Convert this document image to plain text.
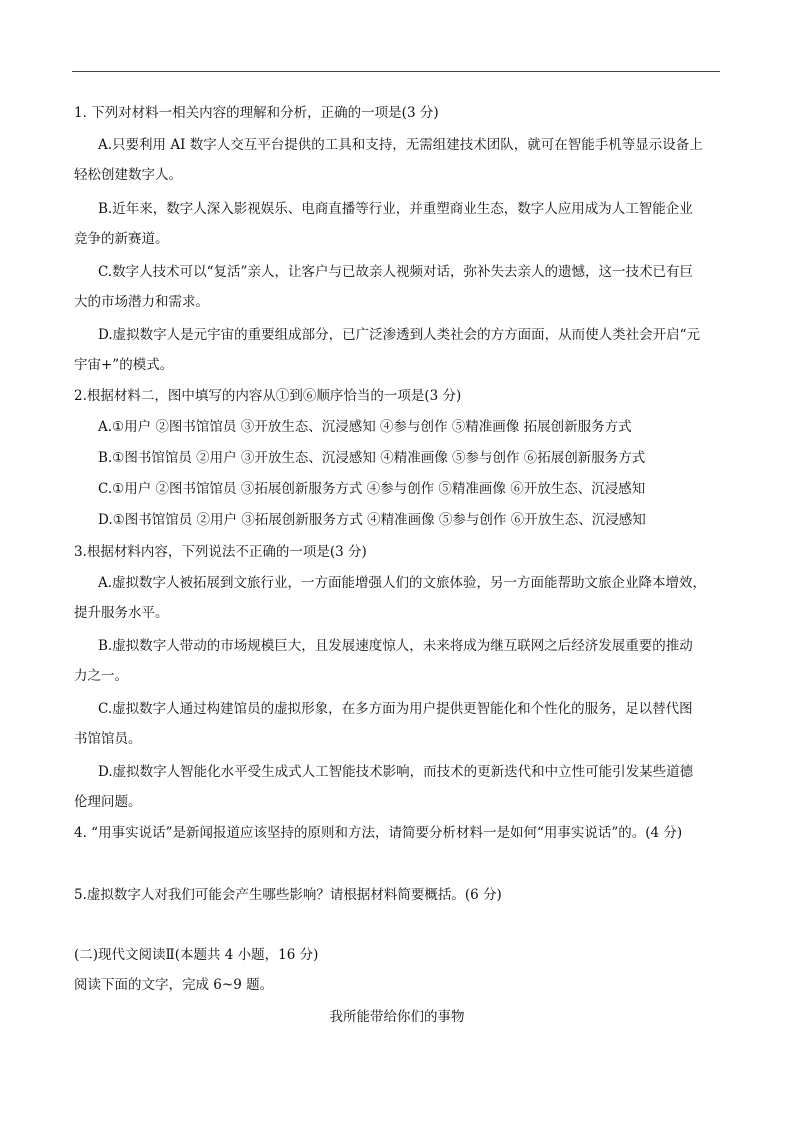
1. 下列对材料一相关内容的理解和分析，正确的一项是(3 分)
A.只要利用 AI 数字人交互平台提供的工具和支持，无需组建技术团队，就可在智能手机等显示设备上
轻松创建数字人。
B.近年来，数字人深入影视娱乐、电商直播等行业，并重塑商业生态，数字人应用成为人工智能企业
竞争的新赛道。
C.数字人技术可以“复活”亲人，让客户与已故亲人视频对话，弥补失去亲人的遗憾，这一技术已有巨
大的市场潜力和需求。
D.虚拟数字人是元宇宙的重要组成部分，已广泛渗透到人类社会的方方面面，从而使人类社会开启“元
宇宙+”的模式。
2.根据材料二，图中填写的内容从①到⑥顺序恰当的一项是(3 分)
A.①用户 ②图书馆馆员 ③开放生态、沉浸感知 ④参与创作 ⑤精准画像 拓展创新服务方式
B.①图书馆馆员 ②用户 ③开放生态、沉浸感知 ④精准画像 ⑤参与创作 ⑥拓展创新服务方式
C.①用户 ②图书馆馆员 ③拓展创新服务方式 ④参与创作 ⑤精准画像 ⑥开放生态、沉浸感知
D.①图书馆馆员 ②用户 ③拓展创新服务方式 ④精准画像 ⑤参与创作 ⑥开放生态、沉浸感知
3.根据材料内容，下列说法不正确的一项是(3 分)
A.虚拟数字人被拓展到文旅行业，一方面能增强人们的文旅体验，另一方面能帮助文旅企业降本增效，
提升服务水平。
B.虚拟数字人带动的市场规模巨大，且发展速度惊人，未来将成为继互联网之后经济发展重要的推动
力之一。
C.虚拟数字人通过构建馆员的虚拟形象，在多方面为用户提供更智能化和个性化的服务，足以替代图
书馆馆员。
D.虚拟数字人智能化水平受生成式人工智能技术影响，而技术的更新迭代和中立性可能引发某些道德
伦理问题。
4. “用事实说话”是新闻报道应该坚持的原则和方法，请简要分析材料一是如何“用事实说话”的。(4 分)
5.虚拟数字人对我们可能会产生哪些影响？请根据材料简要概括。(6 分)
(二)现代文阅读Ⅱ(本题共 4 小题，16 分)
阅读下面的文字，完成 6~9 题。
我所能带给你们的事物
